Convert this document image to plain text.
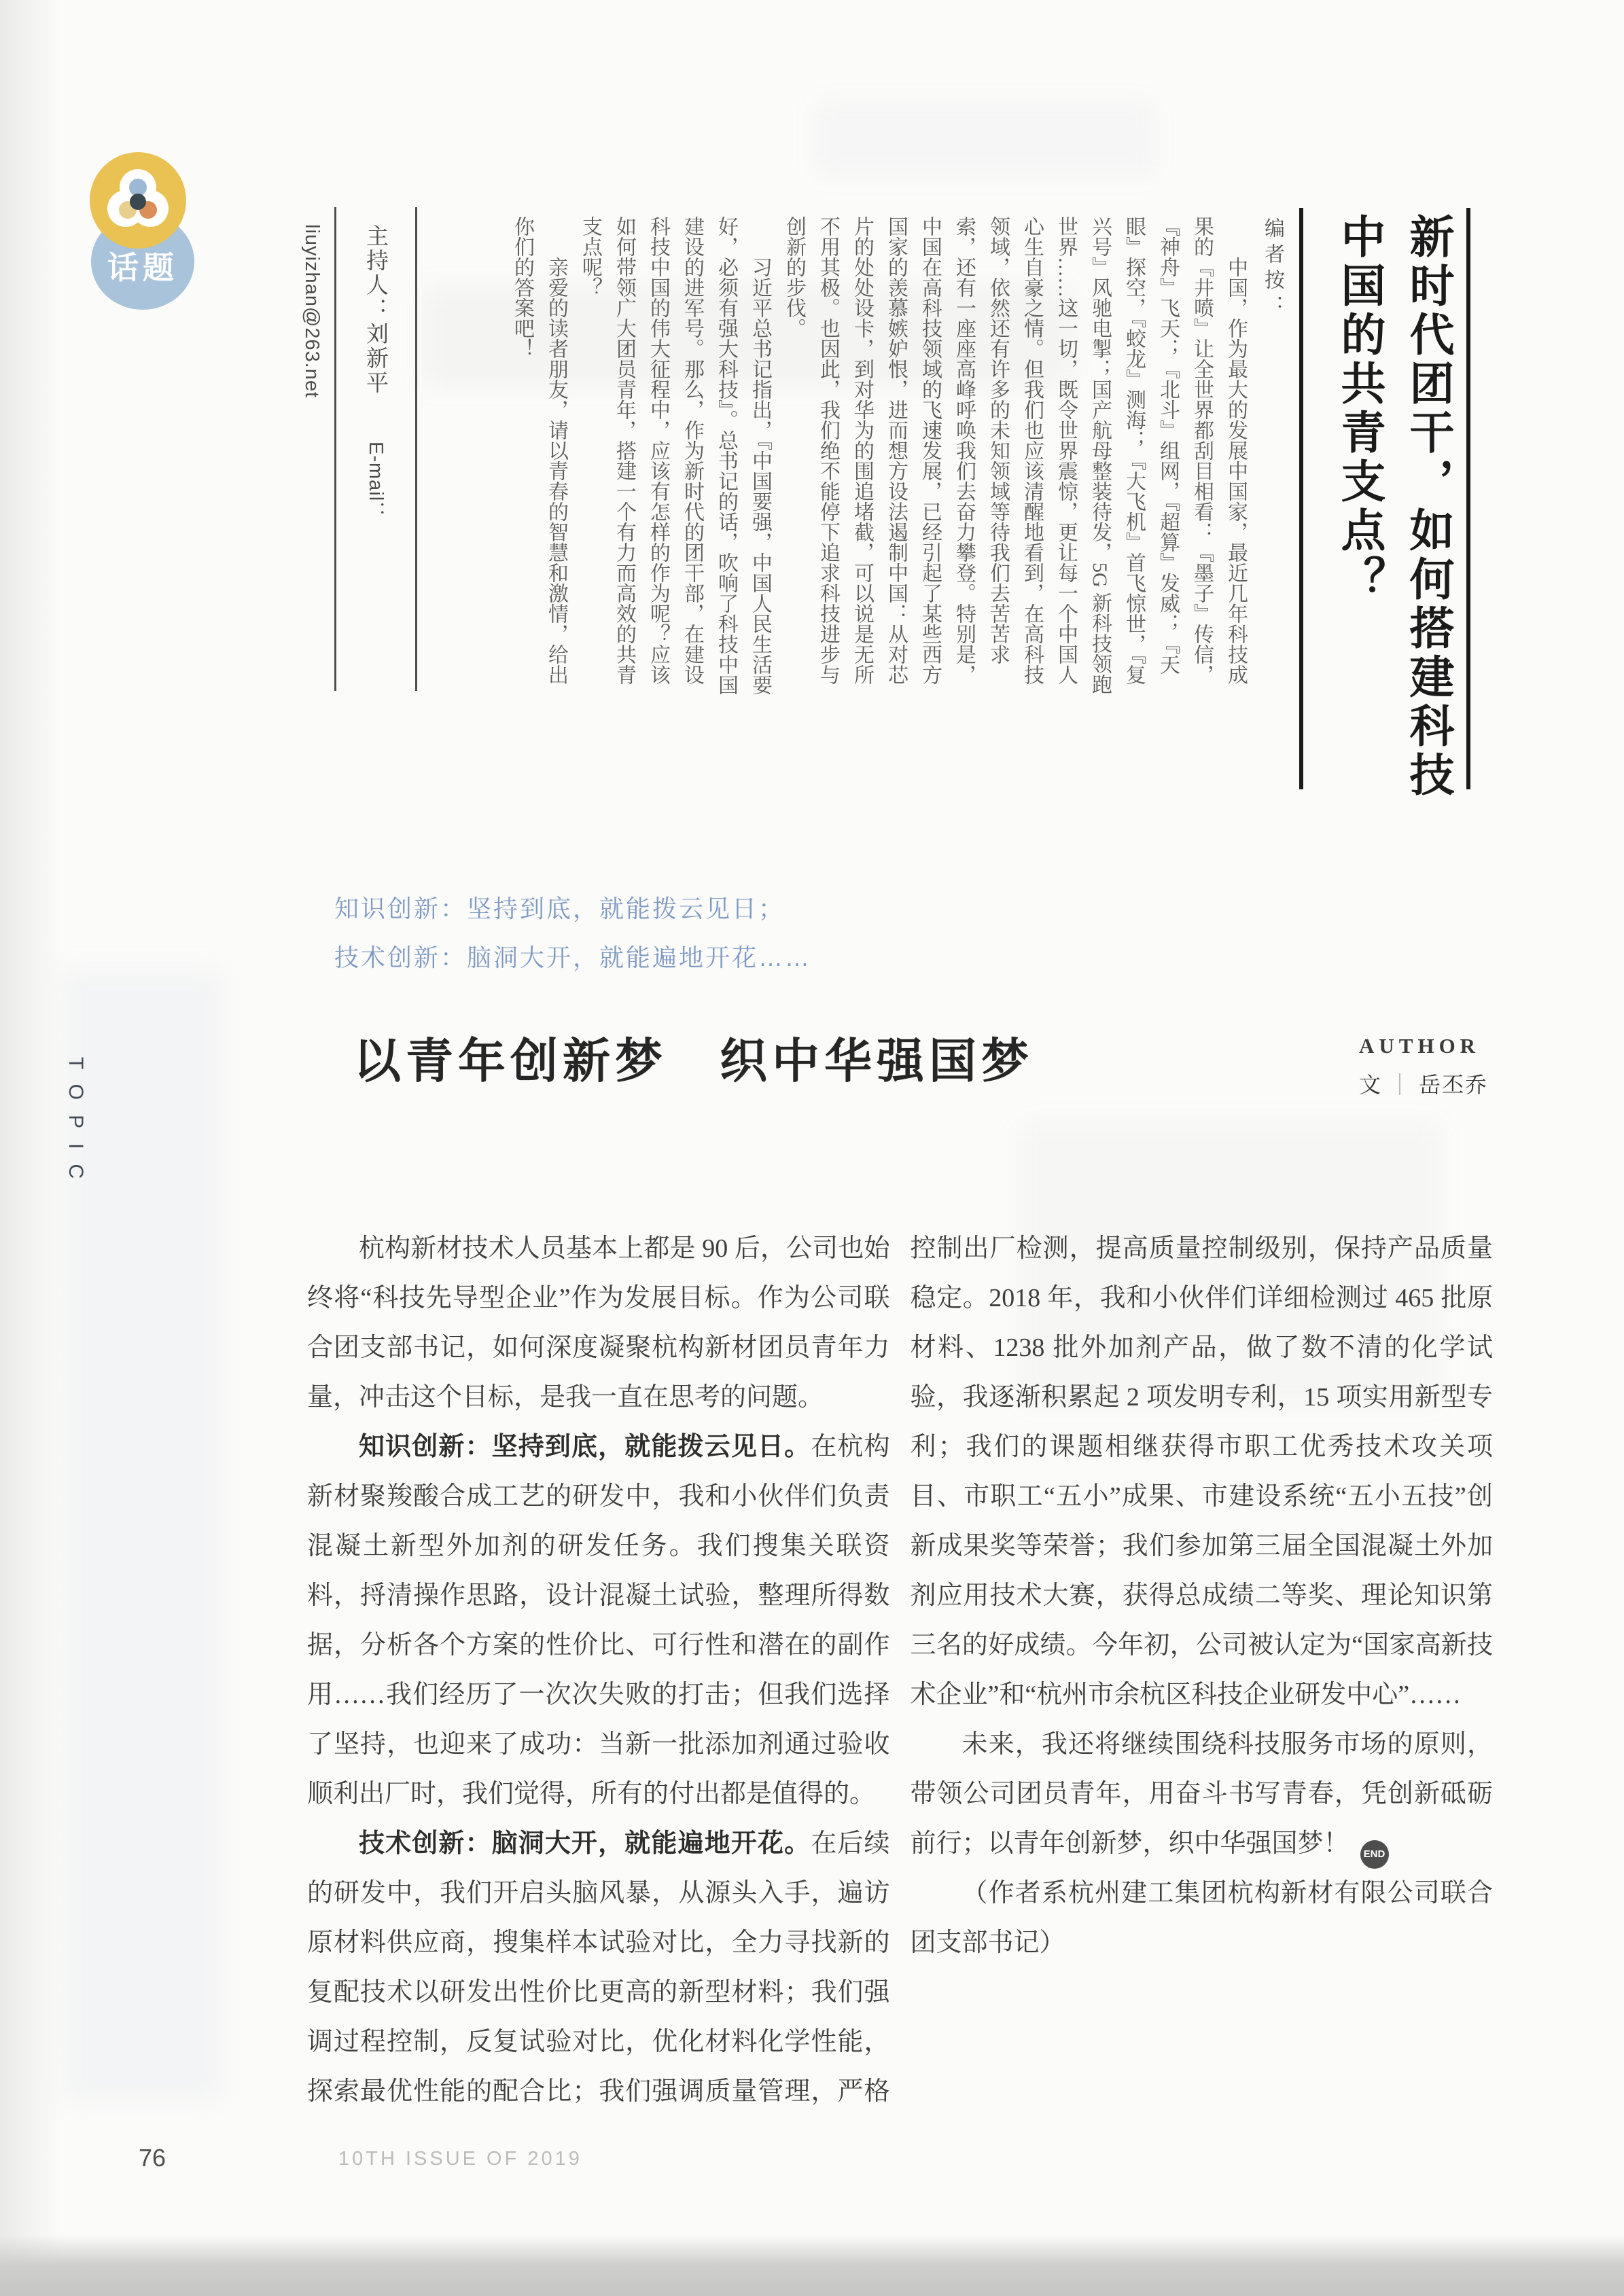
话题	主持人：刘新平 E-mail：liuyizhan@263.net	中国，作为最大的发展中国家，最近几年科技成果的『井喷』让全世界都刮目相看：『墨子』传信，『神舟』飞天；『北斗』组网，『超算』发威；『天眼』探空，『蛟龙』测海；『大飞机』首飞惊世，『复兴号』风驰电掣；国产航母整装待发，5G 新科技领跑世界……这一切，既令世界震惊，更让每一个中国人心生自豪之情。但我们也应该清醒地看到，在高科技领域，依然还有许多的未知领域等待我们去苦苦求索，还有一座座高峰呼唤我们去奋力攀登。特别是，中国在高科技领域的飞速发展，已经引起了某些西方国家的羡慕嫉妒恨，进而想方设法遏制中国：从对芯片的处处设卡，到对华为的围追堵截，可以说是无所不用其极。也因此，我们绝不能停下追求科技进步与创新的步伐。

习近平总书记指出，『中国要强，中国人民生活要好，必须有强大科技』。总书记的话，吹响了科技中国建设的进军号。那么，作为新时代的团干部，在建设科技中国的伟大征程中，应该有怎样的作为呢？应该如何带领广大团员青年，搭建一个有力而高效的共青支点呢？

亲爱的读者朋友，请以青春的智慧和激情，给出你们的答案吧！	编者按：	新时代团干，如何搭建科技
中国的共青支点？
知识创新：坚持到底，就能拨云见日；
技术创新：脑洞大开，就能遍地开花……
以青年创新梦　织中华强国梦	AUTHOR
文 ｜ 岳丕乔

杭构新材技术人员基本上都是 90 后，公司也始终将“科技先导型企业”作为发展目标。作为公司联合团支部书记，如何深度凝聚杭构新材团员青年力量，冲击这个目标，是我一直在思考的问题。

知识创新：坚持到底，就能拨云见日。在杭构新材聚羧酸合成工艺的研发中，我和小伙伴们负责混凝土新型外加剂的研发任务。我们搜集关联资料，捋清操作思路，设计混凝土试验，整理所得数据，分析各个方案的性价比、可行性和潜在的副作用……我们经历了一次次失败的打击；但我们选择了坚持，也迎来了成功：当新一批添加剂通过验收顺利出厂时，我们觉得，所有的付出都是值得的。

技术创新：脑洞大开，就能遍地开花。在后续的研发中，我们开启头脑风暴，从源头入手，遍访原材料供应商，搜集样本试验对比，全力寻找新的复配技术以研发出性价比更高的新型材料；我们强调过程控制，反复试验对比，优化材料化学性能，探索最优性能的配合比；我们强调质量管理，严格控制出厂检测，提高质量控制级别，保持产品质量稳定。2018 年，我和小伙伴们详细检测过 465 批原材料、1238 批外加剂产品，做了数不清的化学试验，我逐渐积累起 2 项发明专利，15 项实用新型专利；我们的课题相继获得市职工优秀技术攻关项目、市职工“五小”成果、市建设系统“五小五技”创新成果奖等荣誉；我们参加第三届全国混凝土外加剂应用技术大赛，获得总成绩二等奖、理论知识第三名的好成绩。今年初，公司被认定为“国家高新技术企业”和“杭州市余杭区科技企业研发中心”……

未来，我还将继续围绕科技服务市场的原则，带领公司团员青年，用奋斗书写青春，凭创新砥砺前行；以青年创新梦，织中华强国梦！ END

（作者系杭州建工集团杭构新材有限公司联合团支部书记）

TOPIC
76	10TH ISSUE OF 2019
